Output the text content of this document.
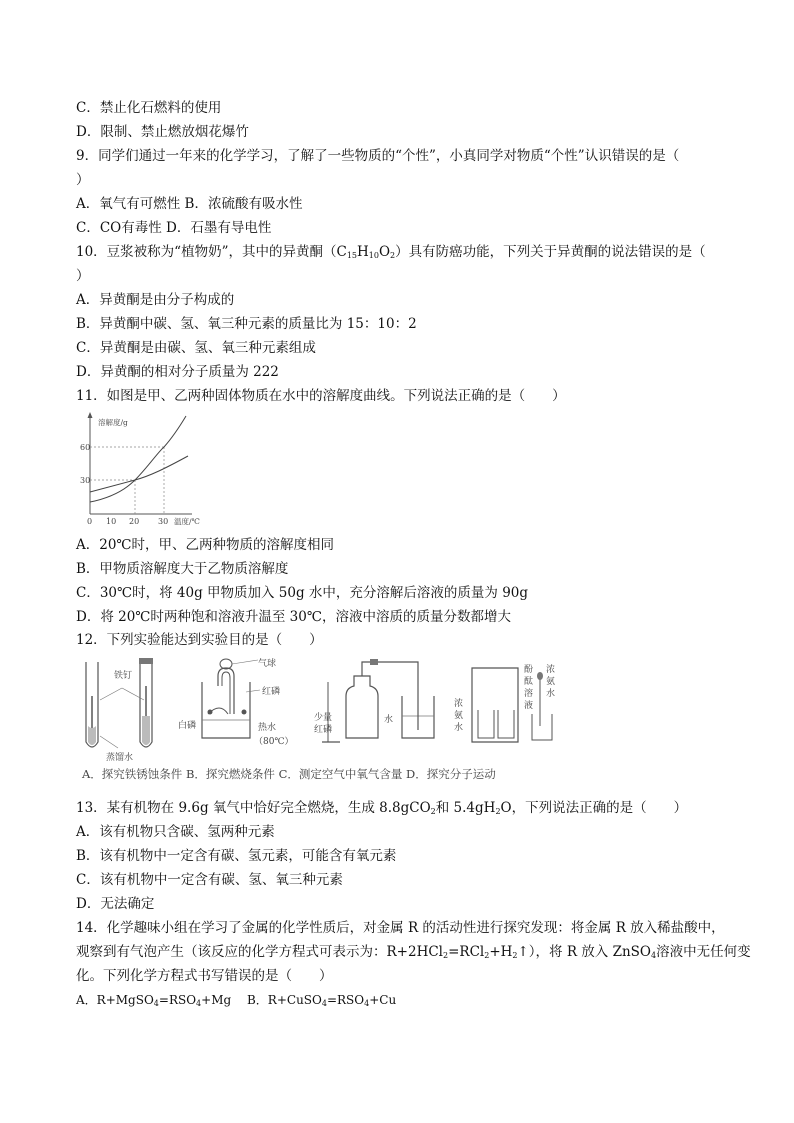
C．禁止化石燃料的使用
D．限制、禁止燃放烟花爆竹
9．同学们通过一年来的化学学习，了解了一些物质的“个性”，小真同学对物质“个性”认识错误的是（
）
A．氧气有可燃性 B．浓硫酸有吸水性
C．CO有毒性 D．石墨有导电性
10．豆浆被称为“植物奶”，其中的异黄酮$(C_{15}H_{10}O_2)$具有防癌功能，下列关于异黄酮的说法错误的是（
）
A．异黄酮是由分子构成的
B．异黄酮中碳、氢、氧三种元素的质量比为 15：10：2
C．异黄酮是由碳、氢、氧三种元素组成
D．异黄酮的相对分子质量为 222
11．如图是甲、乙两种固体物质在水中的溶解度曲线。下列说法正确的是（　　）
溶解度/g
60
30
0 10 20 30 温度/℃
A．20℃时，甲、乙两种物质的溶解度相同
B．甲物质溶解度大于乙物质溶解度
C．30℃时，将 40g 甲物质加入 50g 水中，充分溶解后溶液的质量为 90g
D．将 20℃时两种饱和溶液升温至 30℃，溶液中溶质的质量分数都增大
12．下列实验能达到实验目的是（　　）
铁钉
蒸馏水
气球
红磷
白磷	热水
（80℃）
少量
红磷
水
浓
氨
水
酚
酞
溶
液
浓
氨
水
A．探究铁锈蚀条件 B．探究燃烧条件 C．测定空气中氧气含量 D．探究分子运动
13．某有机物在 9.6g 氧气中恰好完全燃烧，生成 8.8gCO$_2$和 $5.4gH_2O$，下列说法正确的是（　　）
A．该有机物只含碳、氢两种元素
B．该有机物中一定含有碳、氢元素，可能含有氧元素
C．该有机物中一定含有碳、氢、氧三种元素
D．无法确定
14．化学趣味小组在学习了金属的化学性质后，对金属 R 的活动性进行探究发现：将金属 R 放入稀盐酸中，
观察到有气泡产生（该反应的化学方程式可表示为：$R+2HCl_2=RCl_2+H_2↑$），将 R 放入 ZnSO$_4$溶液中无任何变
化。下列化学方程式书写错误的是（　　）
A．$R+MgSO_4=RSO_4+Mg$　 B．$R+CuSO_4=RSO_4+Cu$
